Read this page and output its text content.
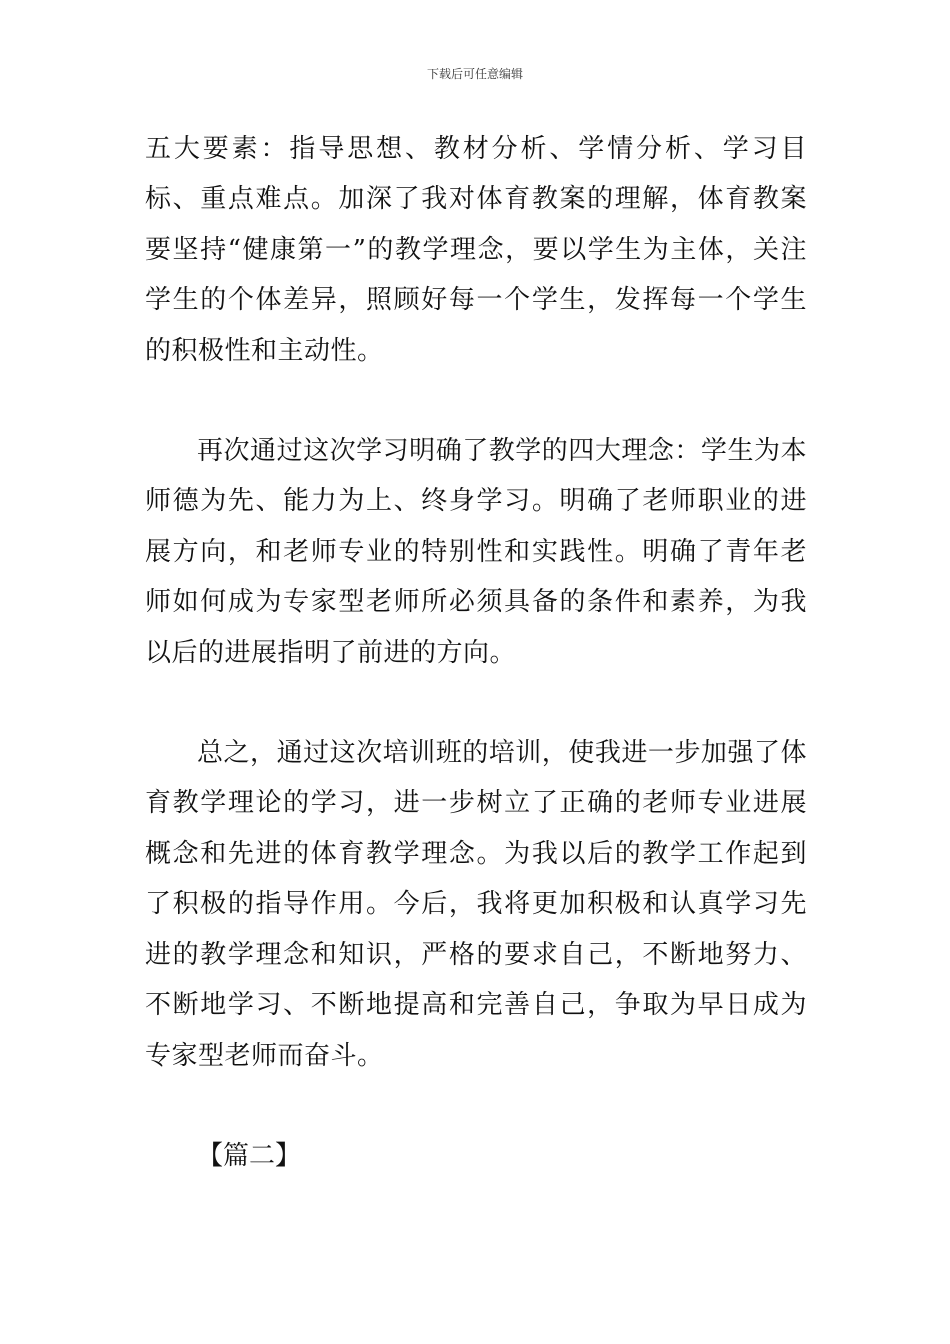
下载后可任意编辑

五大要素：指导思想、教材分析、学情分析、学习目标、重点难点。加深了我对体育教案的理解，体育教案要坚持“健康第一”的教学理念，要以学生为主体，关注学生的个体差异，照顾好每一个学生，发挥每一个学生的积极性和主动性。

再次通过这次学习明确了教学的四大理念：学生为本师德为先、能力为上、终身学习。明确了老师职业的进展方向，和老师专业的特别性和实践性。明确了青年老师如何成为专家型老师所必须具备的条件和素养，为我以后的进展指明了前进的方向。

总之，通过这次培训班的培训，使我进一步加强了体育教学理论的学习，进一步树立了正确的老师专业进展概念和先进的体育教学理念。为我以后的教学工作起到了积极的指导作用。今后，我将更加积极和认真学习先进的教学理念和知识，严格的要求自己，不断地努力、不断地学习、不断地提高和完善自己，争取为早日成为专家型老师而奋斗。

【篇二】
